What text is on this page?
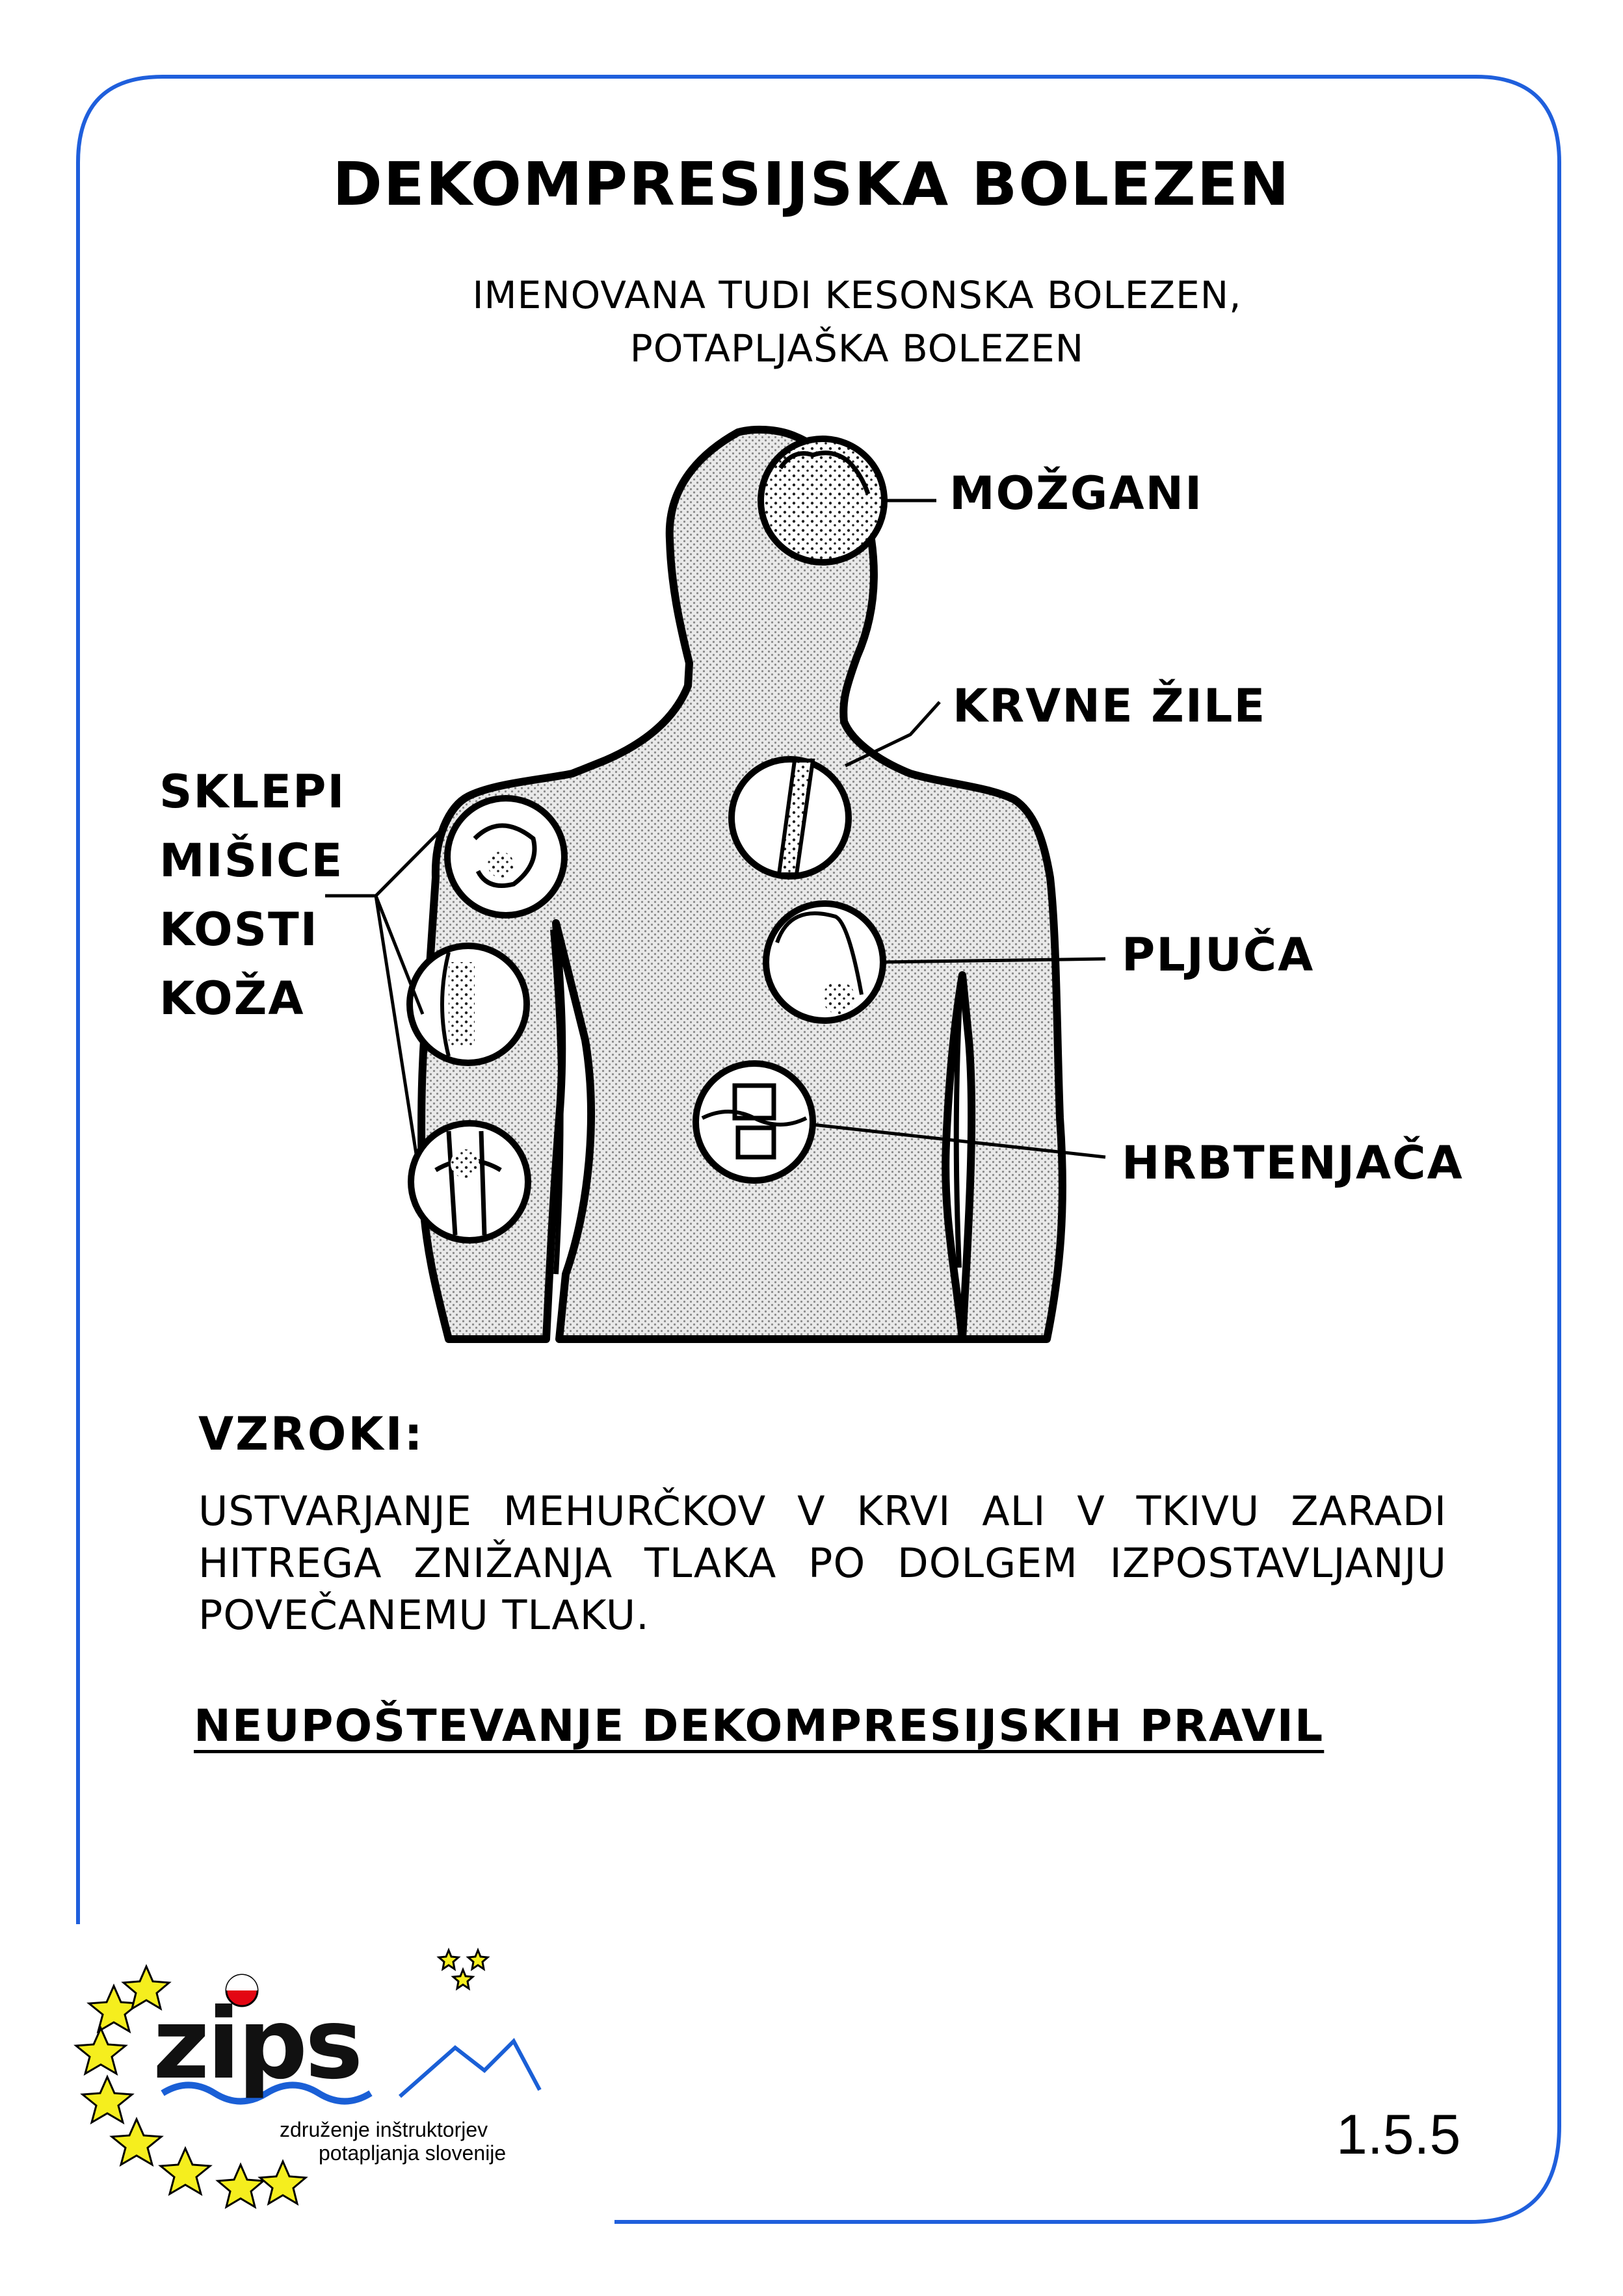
DEKOMPRESIJSKA BOLEZEN
IMENOVANA TUDI KESONSKA BOLEZEN,
POTAPLJAŠKA BOLEZEN
MOŽGANI
KRVNE ŽILE
PLJUČA
HRBTENJAČA
SKLEPI
MIŠICE
KOSTI
KOŽA
VZROKI:
USTVARJANJE MEHURČKOV V KRVI ALI V TKIVU ZARADI HITREGA ZNIŽANJA TLAKA PO DOLGEM IZPOSTAVLJANJU POVEČANEMU TLAKU.
NEUPOŠTEVANJE DEKOMPRESIJSKIH PRAVIL
zips
združenje inštruktorjev
potapljanja slovenije	1.5.5
